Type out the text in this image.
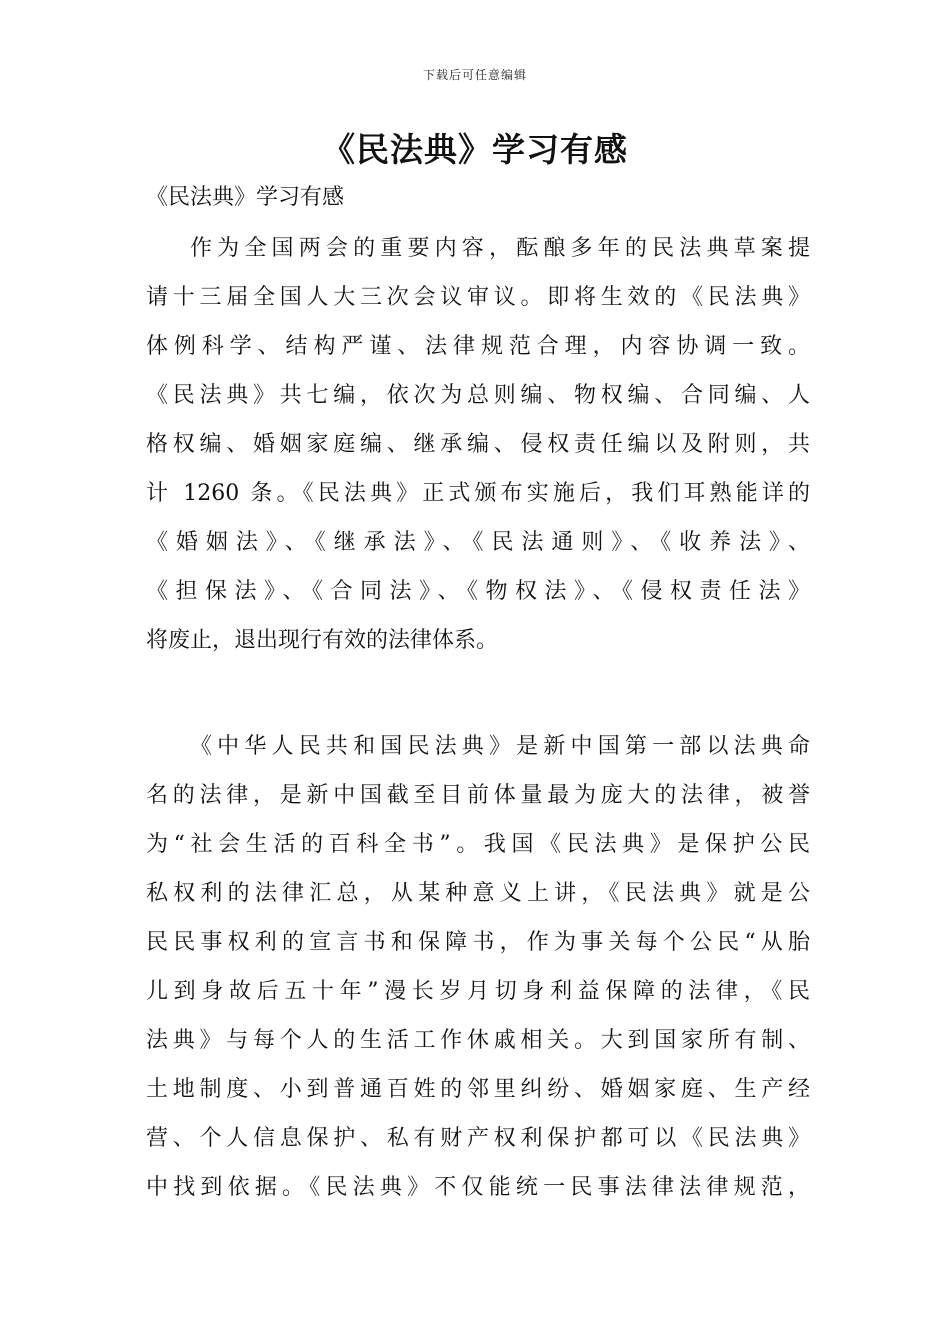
下载后可任意编辑
《民法典》学习有感
《民法典》学习有感
作为全国两会的重要内容，酝酿多年的民法典草案提
请十三届全国人大三次会议审议。即将生效的《民法典》
体例科学、结构严谨、法律规范合理，内容协调一致。
《民法典》共七编，依次为总则编、物权编、合同编、人
格权编、婚姻家庭编、继承编、侵权责任编以及附则，共
计 1260 条。《民法典》正式颁布实施后，我们耳熟能详的
《婚姻法》、《继承法》、《民法通则》、《收养法》、
《担保法》、《合同法》、《物权法》、《侵权责任法》
将废止，退出现行有效的法律体系。
《中华人民共和国民法典》是新中国第一部以法典命
名的法律，是新中国截至目前体量最为庞大的法律，被誉
为“社会生活的百科全书”。我国《民法典》是保护公民
私权利的法律汇总，从某种意义上讲，《民法典》就是公
民民事权利的宣言书和保障书，作为事关每个公民“从胎
儿到身故后五十年”漫长岁月切身利益保障的法律，《民
法典》与每个人的生活工作休戚相关。大到国家所有制、
土地制度、小到普通百姓的邻里纠纷、婚姻家庭、生产经
营、个人信息保护、私有财产权利保护都可以《民法典》
中找到依据。《民法典》不仅能统一民事法律法律规范，
